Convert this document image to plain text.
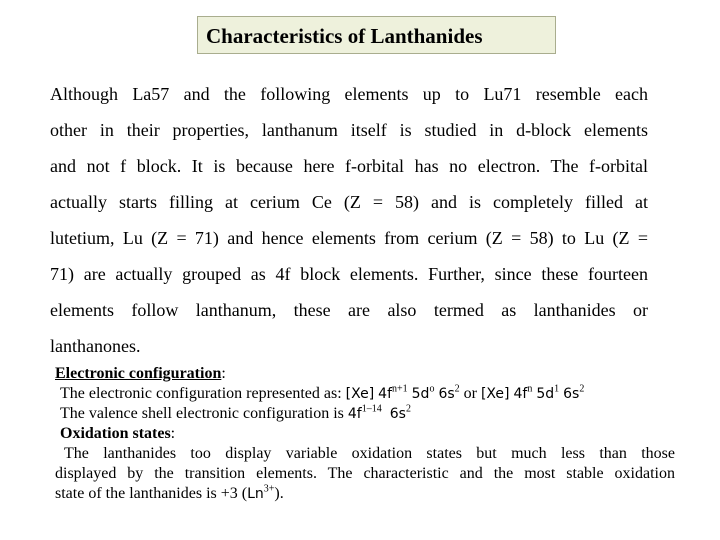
Characteristics of Lanthanides
Although La57 and the following elements up to Lu71 resemble each
other in their properties, lanthanum itself is studied in d-block elements
and not f block. It is because here f-orbital has no electron. The f-orbital
actually starts filling at cerium Ce (Z = 58) and is completely filled at
lutetium, Lu (Z = 71) and hence elements from cerium (Z = 58) to Lu (Z =
71) are actually grouped as 4f block elements. Further, since these fourteen
elements follow lanthanum, these are also termed as lanthanides or
lanthanones.
Electronic configuration:
The electronic configuration represented as: [Xe] $4f^{n+1}$ $5d^o$ $6s^2$ or [Xe] $4f^n$ $5d^1$ $6s^2$
The valence shell electronic configuration is $4f^{1-14}$ $6s^2$
Oxidation states:
The lanthanides too display variable oxidation states but much less than those
displayed by the transition elements. The characteristic and the most stable oxidation
state of the lanthanides is +3 $(Ln^{3+})$.
